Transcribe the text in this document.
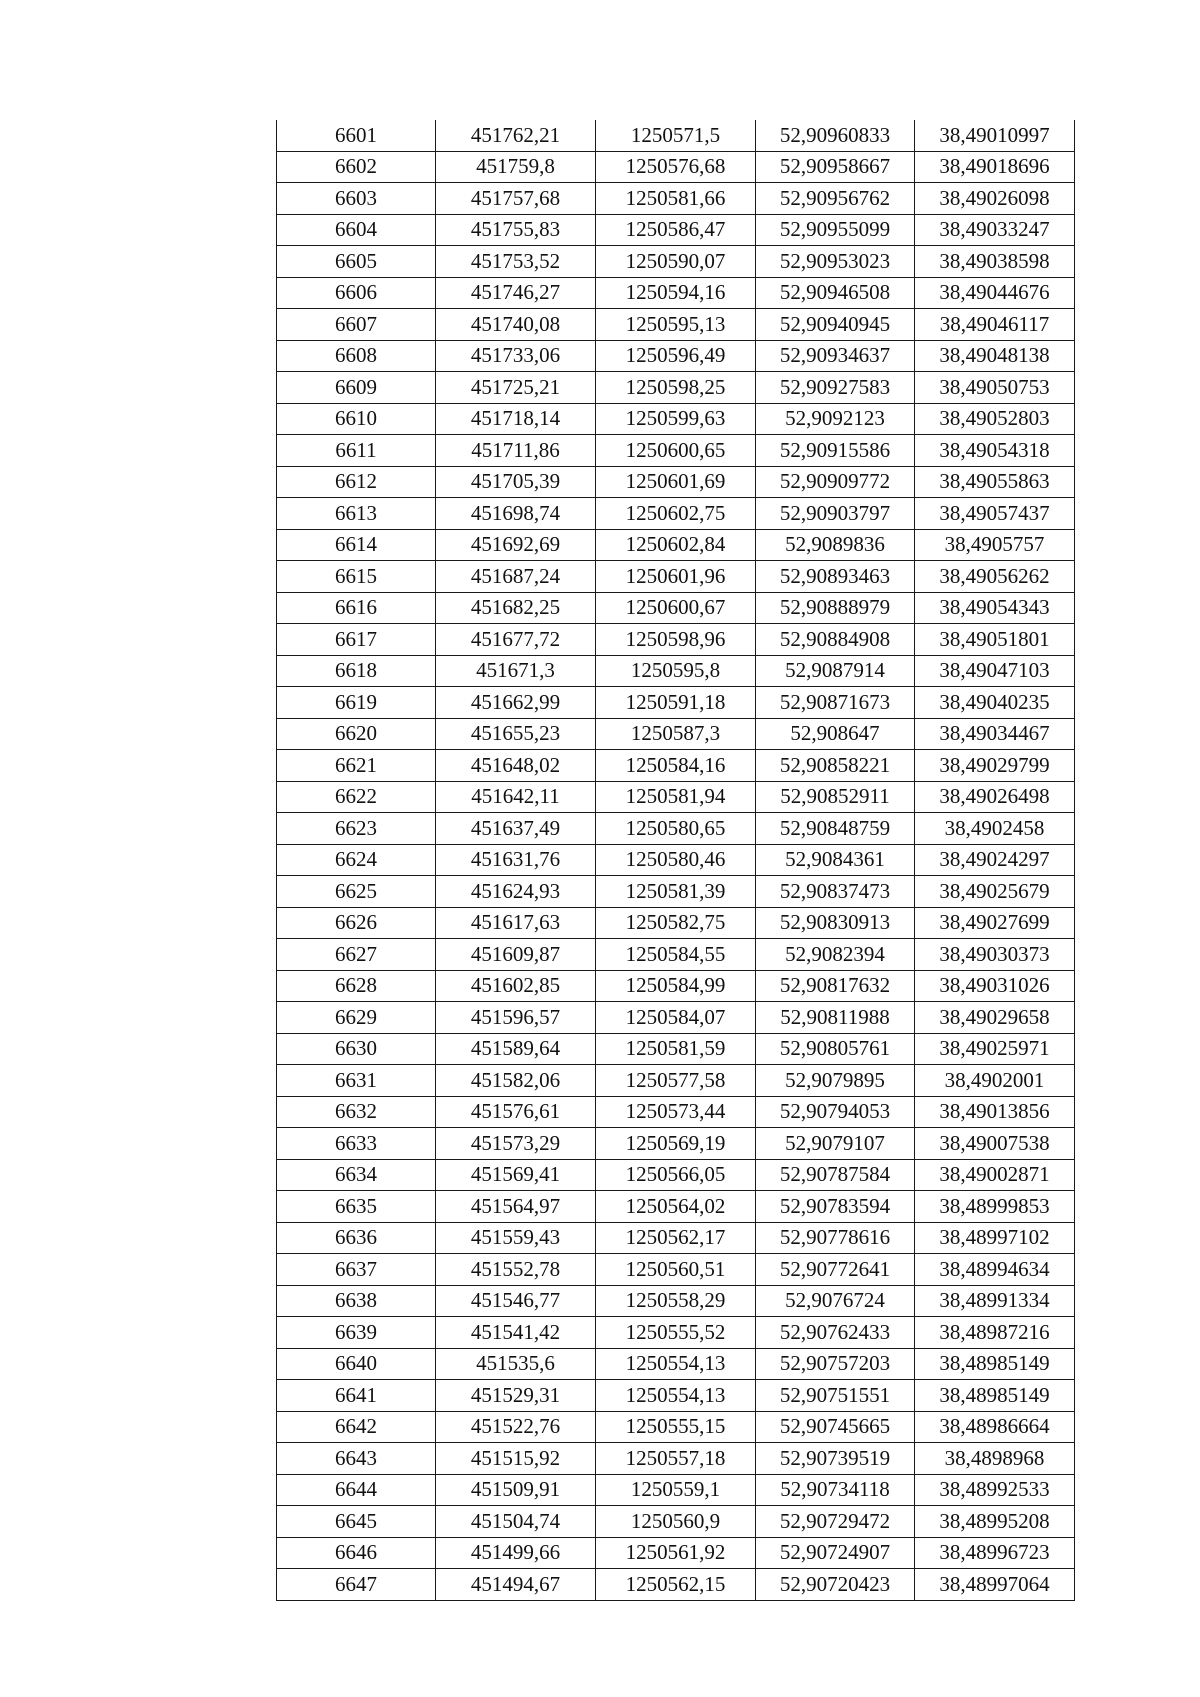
6601	451762,21	1250571,5	52,90960833	38,49010997
6602	451759,8	1250576,68	52,90958667	38,49018696
6603	451757,68	1250581,66	52,90956762	38,49026098
6604	451755,83	1250586,47	52,90955099	38,49033247
6605	451753,52	1250590,07	52,90953023	38,49038598
6606	451746,27	1250594,16	52,90946508	38,49044676
6607	451740,08	1250595,13	52,90940945	38,49046117
6608	451733,06	1250596,49	52,90934637	38,49048138
6609	451725,21	1250598,25	52,90927583	38,49050753
6610	451718,14	1250599,63	52,9092123	38,49052803
6611	451711,86	1250600,65	52,90915586	38,49054318
6612	451705,39	1250601,69	52,90909772	38,49055863
6613	451698,74	1250602,75	52,90903797	38,49057437
6614	451692,69	1250602,84	52,9089836	38,4905757
6615	451687,24	1250601,96	52,90893463	38,49056262
6616	451682,25	1250600,67	52,90888979	38,49054343
6617	451677,72	1250598,96	52,90884908	38,49051801
6618	451671,3	1250595,8	52,9087914	38,49047103
6619	451662,99	1250591,18	52,90871673	38,49040235
6620	451655,23	1250587,3	52,908647	38,49034467
6621	451648,02	1250584,16	52,90858221	38,49029799
6622	451642,11	1250581,94	52,90852911	38,49026498
6623	451637,49	1250580,65	52,90848759	38,4902458
6624	451631,76	1250580,46	52,9084361	38,49024297
6625	451624,93	1250581,39	52,90837473	38,49025679
6626	451617,63	1250582,75	52,90830913	38,49027699
6627	451609,87	1250584,55	52,9082394	38,49030373
6628	451602,85	1250584,99	52,90817632	38,49031026
6629	451596,57	1250584,07	52,90811988	38,49029658
6630	451589,64	1250581,59	52,90805761	38,49025971
6631	451582,06	1250577,58	52,9079895	38,4902001
6632	451576,61	1250573,44	52,90794053	38,49013856
6633	451573,29	1250569,19	52,9079107	38,49007538
6634	451569,41	1250566,05	52,90787584	38,49002871
6635	451564,97	1250564,02	52,90783594	38,48999853
6636	451559,43	1250562,17	52,90778616	38,48997102
6637	451552,78	1250560,51	52,90772641	38,48994634
6638	451546,77	1250558,29	52,9076724	38,48991334
6639	451541,42	1250555,52	52,90762433	38,48987216
6640	451535,6	1250554,13	52,90757203	38,48985149
6641	451529,31	1250554,13	52,90751551	38,48985149
6642	451522,76	1250555,15	52,90745665	38,48986664
6643	451515,92	1250557,18	52,90739519	38,4898968
6644	451509,91	1250559,1	52,90734118	38,48992533
6645	451504,74	1250560,9	52,90729472	38,48995208
6646	451499,66	1250561,92	52,90724907	38,48996723
6647	451494,67	1250562,15	52,90720423	38,48997064
